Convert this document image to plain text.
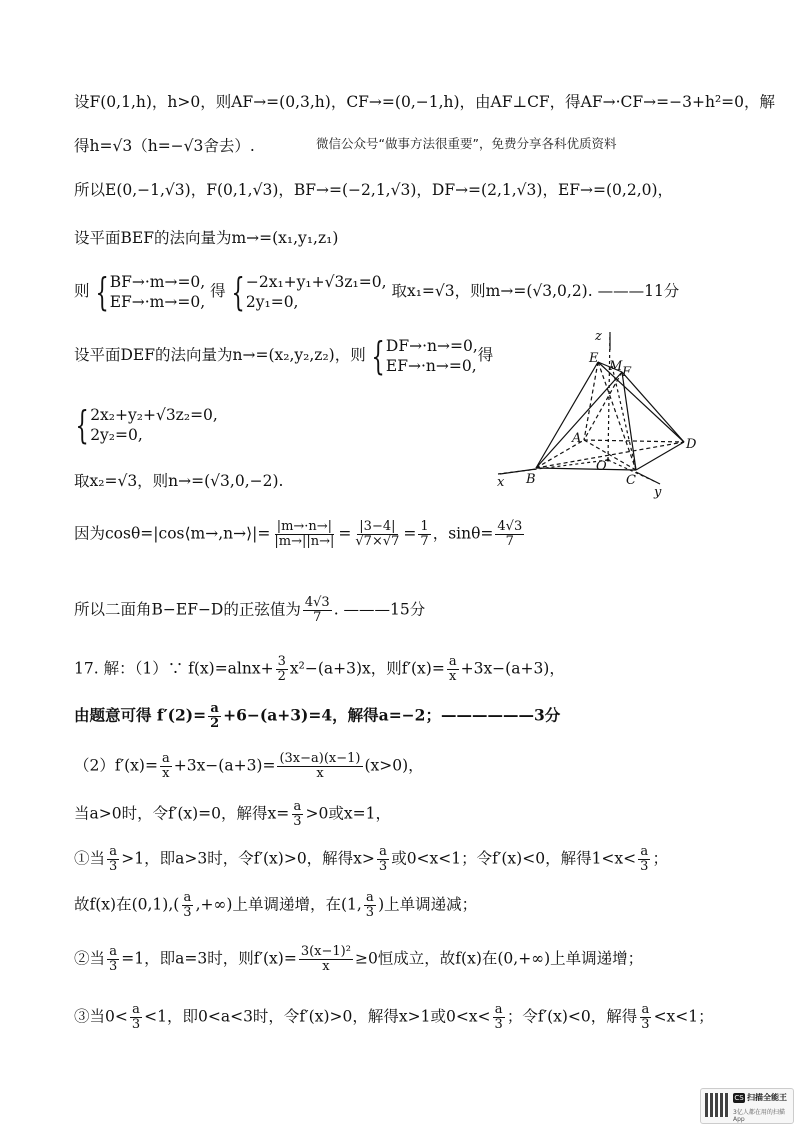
设F(0,1,h)，h>0，则AF→=(0,3,h)，CF→=(0,−1,h)，由AF⊥CF，得AF→·CF→=−3+h²=0，解
得h=√3（h=−√3舍去）.	微信公众号“做事方法很重要”，免费分享各科优质资料
所以E(0,−1,√3)，F(0,1,√3)，BF→=(−2,1,√3)，DF→=(2,1,√3)，EF→=(0,2,0)，
设平面BEF的法向量为m→=(x₁,y₁,z₁)
则 { BF→·m→=0,
EF→·m→=0,
得 { −2x₁+y₁+√3z₁=0,
2y₁=0,
取x₁=√3，则m→=(√3,0,2). ———11分
设平面DEF的法向量为n→=(x₂,y₂,z₂)，则 { DF→·n→=0,
EF→·n→=0,
得
{ 2x₂+y₂+√3z₂=0,
2y₂=0,
取x₂=√3，则n→=(√3,0,−2).
因为cosθ=|cos⟨m→,n→⟩|= $\frac{|m\to\cdot n\to|}{|m\to||n\to|} = \frac{|3-4|}{√7\times√7} = \frac{1}{7}$ ，$\sin\theta= \frac{4√3}{7}$
所以二面角B−EF−D的正弦值为 $\frac{4√3}{7}$ . ———15分
17. 解：（1）∵ $f(x)=alnx+ \frac{3}{2} x^2-(a+3)x$，则$f'(x)= \frac{a}{x} +3x-(a+3)$，
由题意可得 $f'(2)= \frac{a}{2} +6-(a+3)=4$，解得a=−2；——————3分
$(2)f'(x)= \frac{a}{x} +3x-(a+3)= \frac{(3x-a)(x-1)}{x} (x>0)$，
当a>0时，令f′(x)=0，解得$x= \frac{a}{3} >0$或x=1，
①当 $\frac{a}{3} >1$，即a>3时，令f′(x)>0，解得$x> \frac{a}{3}$ 或0<x<1；令f′(x)<0，解得$1<x< \frac{a}{3}$ ；
故f(x)在$(0,1),( \frac{a}{3}$ ,+∞)上单调递增，在(1, $\frac{a}{3}$ )上单调递减；
②当 $\frac{a}{3} =1$，即a=3时，则$f'(x)= \frac{\text{3(x−1)²}}{x} \ge 0$恒成立，故f(x)在(0,+∞)上单调递增；
③当$0< \frac{a}{3} <1$，即0<a<3时，令f′(x)>0，解得x>1或$0<x< \frac{a}{3}$ ；令f′(x)<0，解得 $\frac{a}{3} <x<1$；
z
E
M F
A	D
O
B	C
x
y
CS 扫描全能王
3亿人都在用的扫描App
